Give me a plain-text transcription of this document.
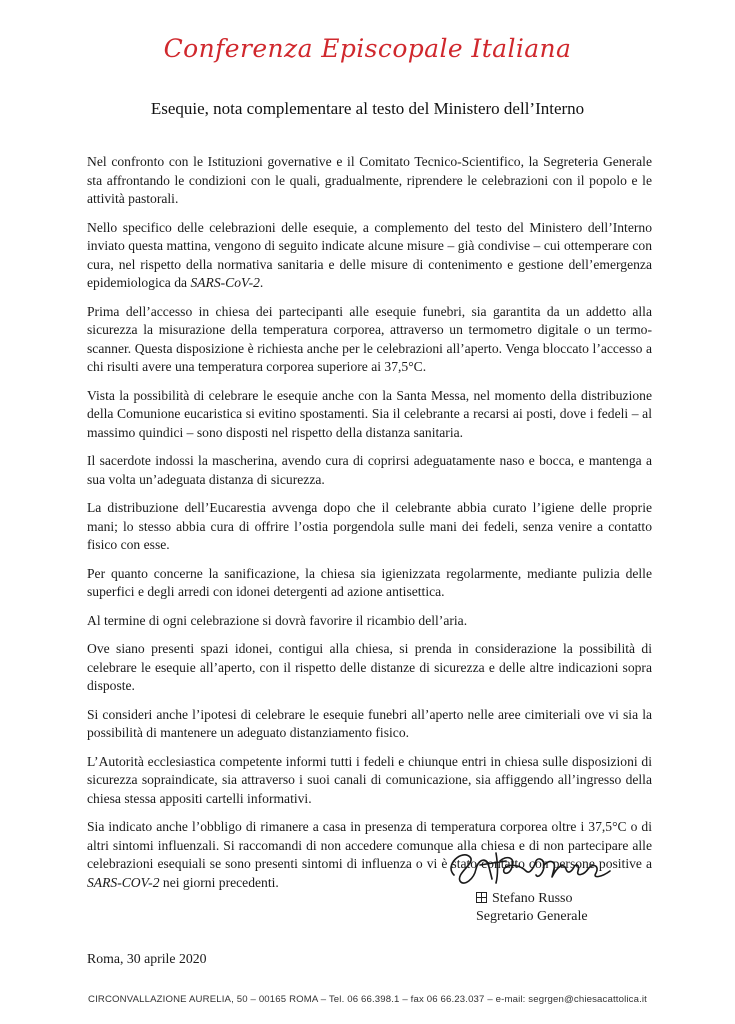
Conferenza Episcopale Italiana
Esequie, nota complementare al testo del Ministero dell’Interno

Nel confronto con le Istituzioni governative e il Comitato Tecnico-Scientifico, la Segreteria Generale sta affrontando le condizioni con le quali, gradualmente, riprendere le celebrazioni con il popolo e le attività pastorali.

Nello specifico delle celebrazioni delle esequie, a complemento del testo del Ministero dell’Interno inviato questa mattina, vengono di seguito indicate alcune misure – già condivise – cui ottemperare con cura, nel rispetto della normativa sanitaria e delle misure di contenimento e gestione dell’emergenza epidemiologica da SARS-CoV-2.

Prima dell’accesso in chiesa dei partecipanti alle esequie funebri, sia garantita da un addetto alla sicurezza la misurazione della temperatura corporea, attraverso un termometro digitale o un termo-scanner. Questa disposizione è richiesta anche per le celebrazioni all’aperto. Venga bloccato l’accesso a chi risulti avere una temperatura corporea superiore ai 37,5°C.

Vista la possibilità di celebrare le esequie anche con la Santa Messa, nel momento della distribuzione della Comunione eucaristica si evitino spostamenti. Sia il celebrante a recarsi ai posti, dove i fedeli – al massimo quindici – sono disposti nel rispetto della distanza sanitaria.

Il sacerdote indossi la mascherina, avendo cura di coprirsi adeguatamente naso e bocca, e mantenga a sua volta un’adeguata distanza di sicurezza.

La distribuzione dell’Eucarestia avvenga dopo che il celebrante abbia curato l’igiene delle proprie mani; lo stesso abbia cura di offrire l’ostia porgendola sulle mani dei fedeli, senza venire a contatto fisico con esse.

Per quanto concerne la sanificazione, la chiesa sia igienizzata regolarmente, mediante pulizia delle superfici e degli arredi con idonei detergenti ad azione antisettica.

Al termine di ogni celebrazione si dovrà favorire il ricambio dell’aria.

Ove siano presenti spazi idonei, contigui alla chiesa, si prenda in considerazione la possibilità di celebrare le esequie all’aperto, con il rispetto delle distanze di sicurezza e delle altre indicazioni sopra disposte.

Si consideri anche l’ipotesi di celebrare le esequie funebri all’aperto nelle aree cimiteriali ove vi sia la possibilità di mantenere un adeguato distanziamento fisico.

L’Autorità ecclesiastica competente informi tutti i fedeli e chiunque entri in chiesa sulle disposizioni di sicurezza sopraindicate, sia attraverso i suoi canali di comunicazione, sia affiggendo all’ingresso della chiesa stessa appositi cartelli informativi.

Sia indicato anche l’obbligo di rimanere a casa in presenza di temperatura corporea oltre i 37,5°C o di altri sintomi influenzali. Si raccomandi di non accedere comunque alla chiesa e di non partecipare alle celebrazioni esequiali se sono presenti sintomi di influenza o vi è stato contatto con persone positive a SARS-COV-2 nei giorni precedenti.

Stefano Russo
Segretario Generale
Roma, 30 aprile 2020
CIRCONVALLAZIONE AURELIA, 50 – 00165 ROMA – Tel. 06 66.398.1 – fax 06 66.23.037 – e-mail: segrgen@chiesacattolica.it
